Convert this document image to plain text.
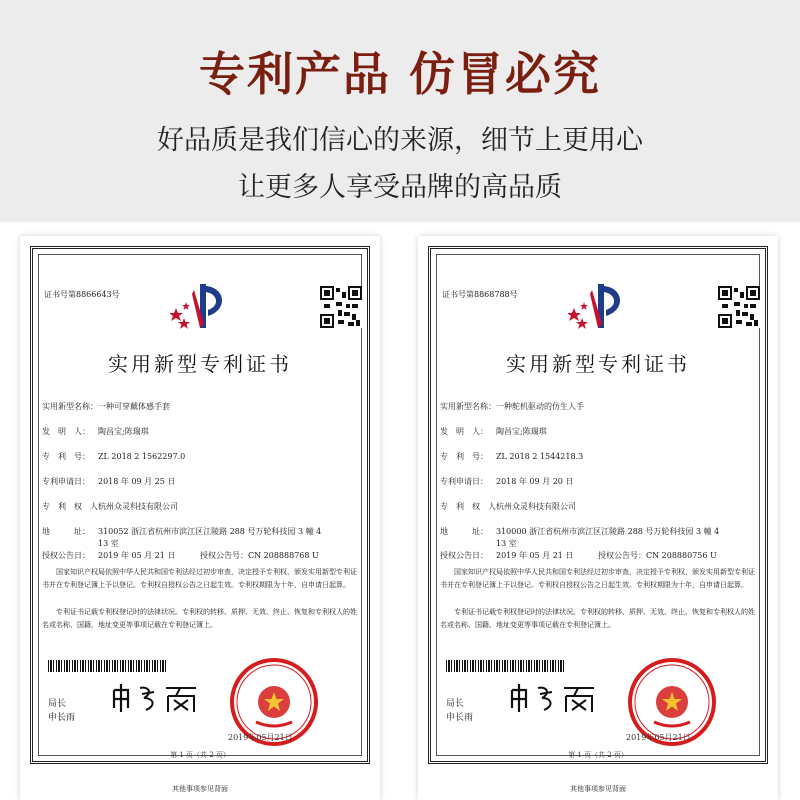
专利产品 仿冒必究
好品质是我们信心的来源，细节上更用心
让更多人享受品牌的高品质
证书号第8866643号
实用新型专利证书
实用新型名称：一种可穿戴体感手套
发　明　人： 陶昌宝;陈瑞琪
专　利　号： ZL 2018 2 1562297.0
专利申请日： 2018 年 09 月 25 日
专　利　权　人：杭州众灵科技有限公司
地　　　址： 310052 浙江省杭州市滨江区江陵路 288 号万轮科技园 3 幢 4
13 室
授权公告日： 2019 年 05 月 21 日	授权公告号：CN 208888768 U

国家知识产权局依照中华人民共和国专利法经过初步审查，决定授予专利权，颁发实用新型专利证书并在专利登记簿上予以登记。专利权自授权公告之日起生效。专利权期限为十年，自申请日起算。

专利证书记载专利权登记时的法律状况。专利权的转移、质押、无效、终止、恢复和专利权人的姓名或名称、国籍、地址变更等事项记载在专利登记簿上。

局长
申长雨
2019年05月21日
第 1 页（共 2 页）
其他事项参见背面
证书号第8868788号
实用新型专利证书
实用新型名称：一种舵机驱动的仿生人手
发　明　人： 陶昌宝;陈瑞琪
专　利　号： ZL 2018 2 1544218.3
专利申请日： 2018 年 09 月 20 日
专　利　权　人：杭州众灵科技有限公司
地　　　址： 310000 浙江省杭州市滨江区江陵路 288 号万轮科技园 3 幢 4
13 室
授权公告日： 2019 年 05 月 21 日	授权公告号：CN 208880756 U

国家知识产权局依照中华人民共和国专利法经过初步审查，决定授予专利权，颁发实用新型专利证书并在专利登记簿上予以登记。专利权自授权公告之日起生效。专利权期限为十年，自申请日起算。

专利证书记载专利权登记时的法律状况。专利权的转移、质押、无效、终止、恢复和专利权人的姓名或名称、国籍、地址变更等事项记载在专利登记簿上。

局长
申长雨
2019年05月21日
第 1 页（共 2 页）
其他事项参见背面
